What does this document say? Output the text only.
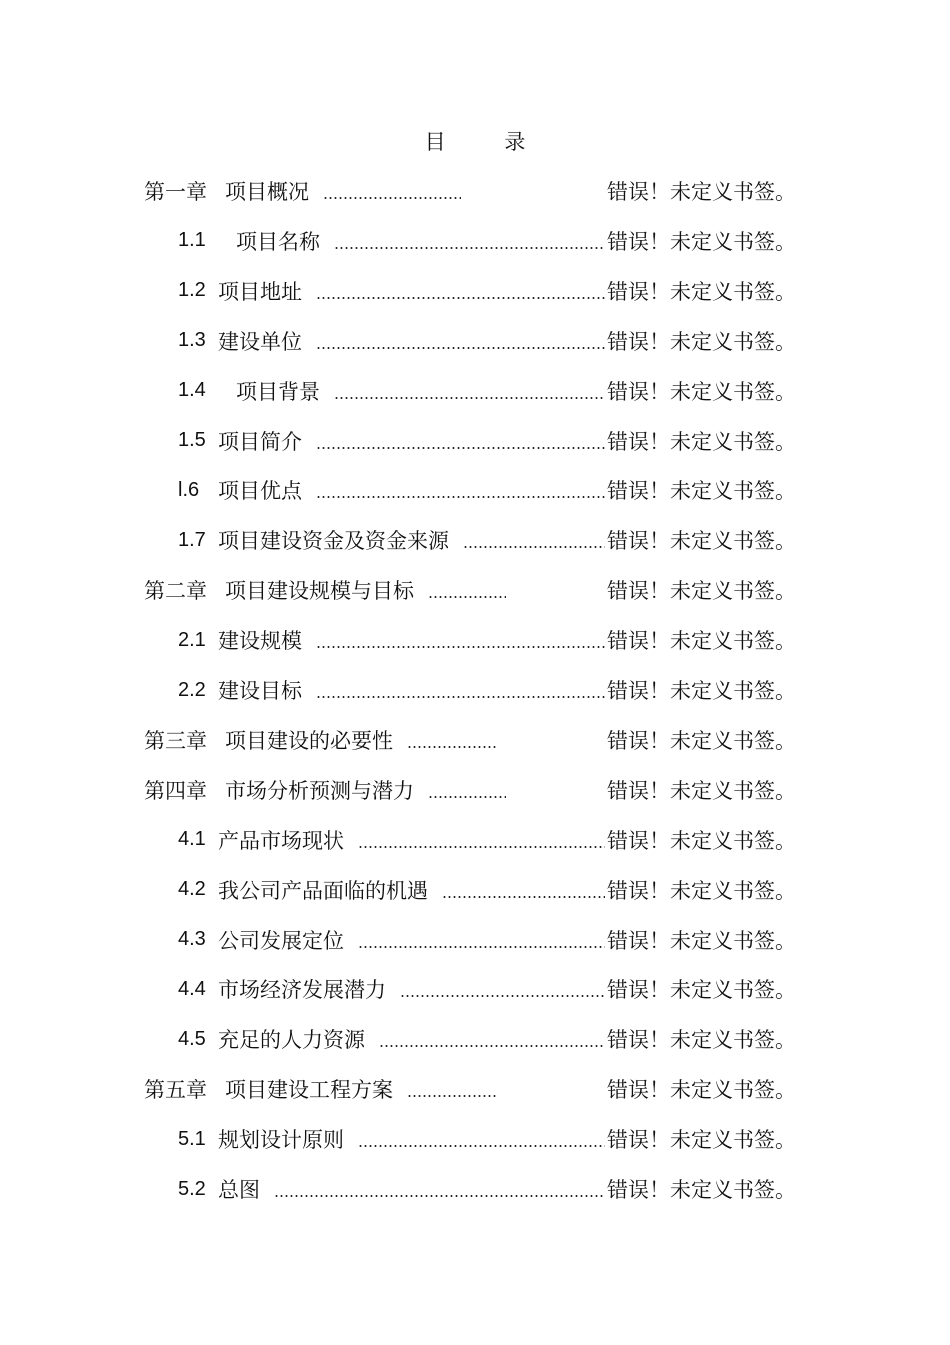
目 录
第一章 项目概况	错误！未定义书签。
1.1	项目名称	错误！未定义书签。
1.2 项目地址	错误！未定义书签。
1.3 建设单位	错误！未定义书签。
1.4	项目背景	错误！未定义书签。
1.5 项目简介	错误！未定义书签。
l.6 项目优点	错误！未定义书签。
1.7 项目建设资金及资金来源	错误！未定义书签。
第二章 项目建设规模与目标	错误！未定义书签。
2.1 建设规模	错误！未定义书签。
2.2 建设目标	错误！未定义书签。
第三章 项目建设的必要性	错误！未定义书签。
第四章 市场分析预测与潜力	错误！未定义书签。
4.1 产品市场现状	错误！未定义书签。
4.2 我公司产品面临的机遇	错误！未定义书签。
4.3 公司发展定位	错误！未定义书签。
4.4 市场经济发展潜力	错误！未定义书签。
4.5 充足的人力资源	错误！未定义书签。
第五章 项目建设工程方案	错误！未定义书签。
5.1 规划设计原则	错误！未定义书签。
5.2 总图	错误！未定义书签。
